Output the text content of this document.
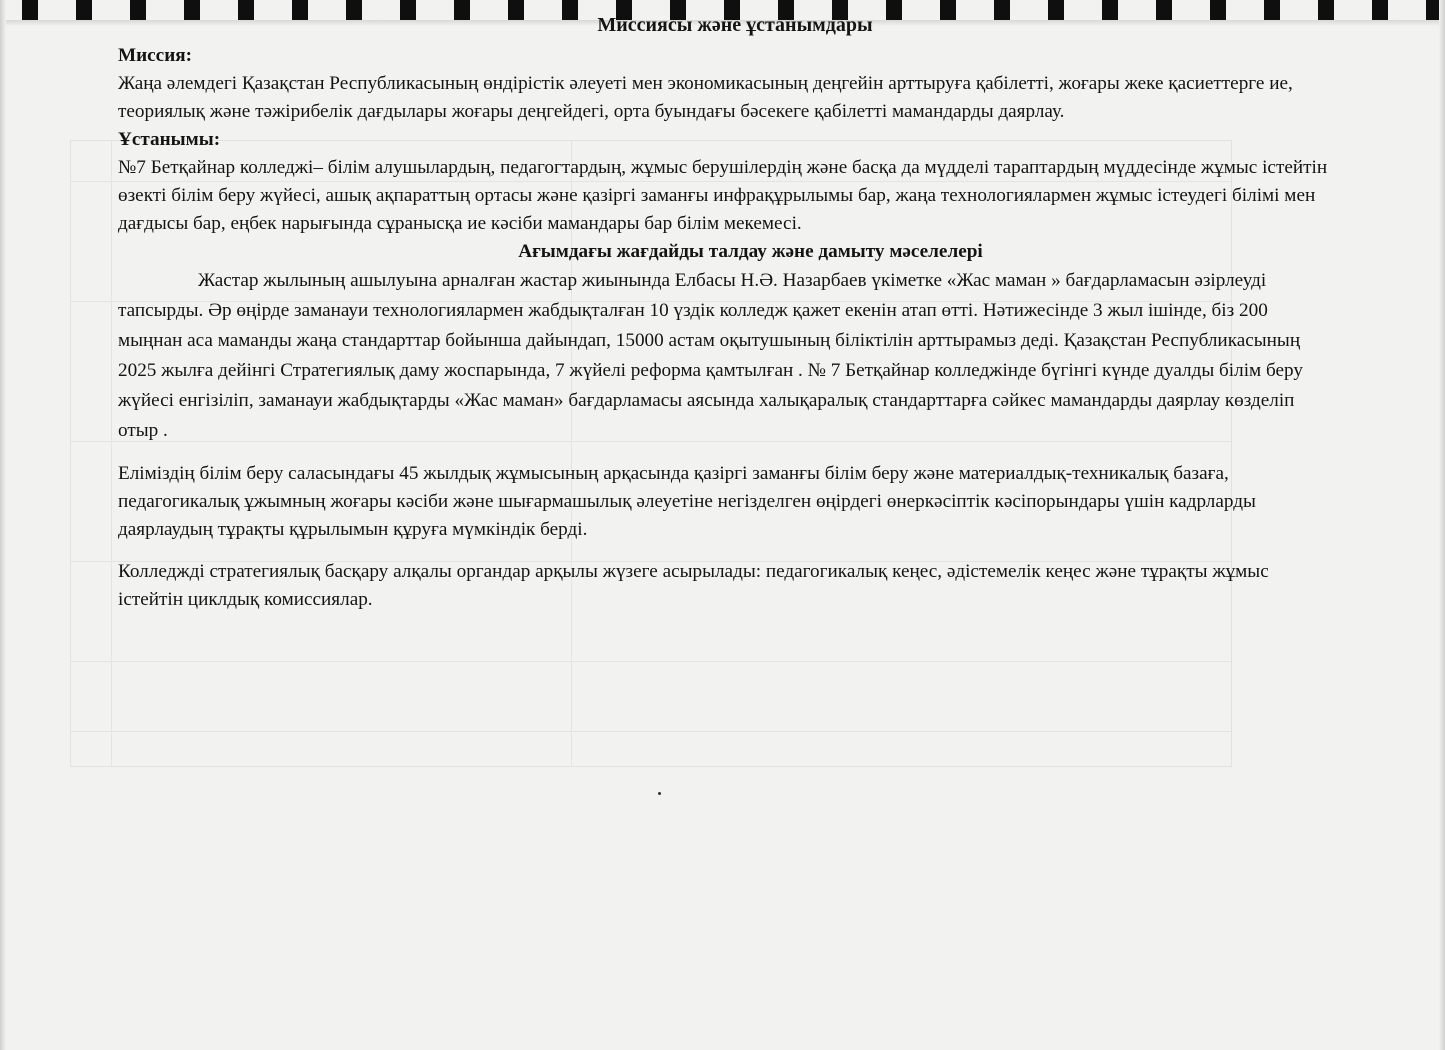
Миссиясы және ұстанымдары
Миссия:

Жаңа әлемдегі Қазақстан Республикасының өндірістік әлеуеті мен экономикасының деңгейін арттыруға қабілетті, жоғары жеке қасиеттерге ие, теориялық және тәжірибелік дағдылары жоғары деңгейдегі, орта буындағы бәсекеге қабілетті мамандарды даярлау.

Ұстанымы:

№7 Бетқайнар колледжі– білім алушылардың, педагогтардың, жұмыс берушілердің және басқа да мүдделі тараптардың мүддесінде жұмыс істейтін өзекті білім беру жүйесі, ашық ақпараттың ортасы және қазіргі заманғы инфрақұрылымы бар, жаңа технологиялармен жұмыс істеудегі білімі мен дағдысы бар, еңбек нарығында сұранысқа ие кәсіби мамандары бар білім мекемесі.

Ағымдағы жағдайды талдау және дамыту мәселелері

Жастар жылының ашылуына арналған жастар жиынында Елбасы Н.Ә. Назарбаев үкіметке «Жас маман » бағдарламасын әзірлеуді тапсырды. Әр өңірде заманауи технологиялармен жабдықталған 10 үздік колледж қажет екенін атап өтті. Нәтижесінде 3 жыл ішінде, біз 200 мыңнан аса маманды жаңа стандарттар бойынша дайындап, 15000 астам оқытушының біліктілін арттырамыз деді. Қазақстан Республикасының 2025 жылға дейінгі Стратегиялық даму жоспарында, 7 жүйелі реформа қамтылған . № 7 Бетқайнар колледжінде бүгінгі күнде дуалды білім беру жүйесі енгізіліп, заманауи жабдықтарды «Жас маман» бағдарламасы аясында халықаралық стандарттарға сәйкес мамандарды даярлау көзделіп отыр .

Еліміздің білім беру саласындағы 45 жылдық жұмысының арқасында қазіргі заманғы білім беру және материалдық-техникалық базаға, педагогикалық ұжымның жоғары кәсіби және шығармашылық әлеуетіне негізделген өңірдегі өнеркәсіптік кәсіпорындары үшін кадрларды даярлаудың тұрақты құрылымын құруға мүмкіндік берді.

Колледжді стратегиялық басқару алқалы органдар арқылы жүзеге асырылады: педагогикалық кеңес, әдістемелік кеңес және тұрақты жұмыс істейтін циклдық комиссиялар.
